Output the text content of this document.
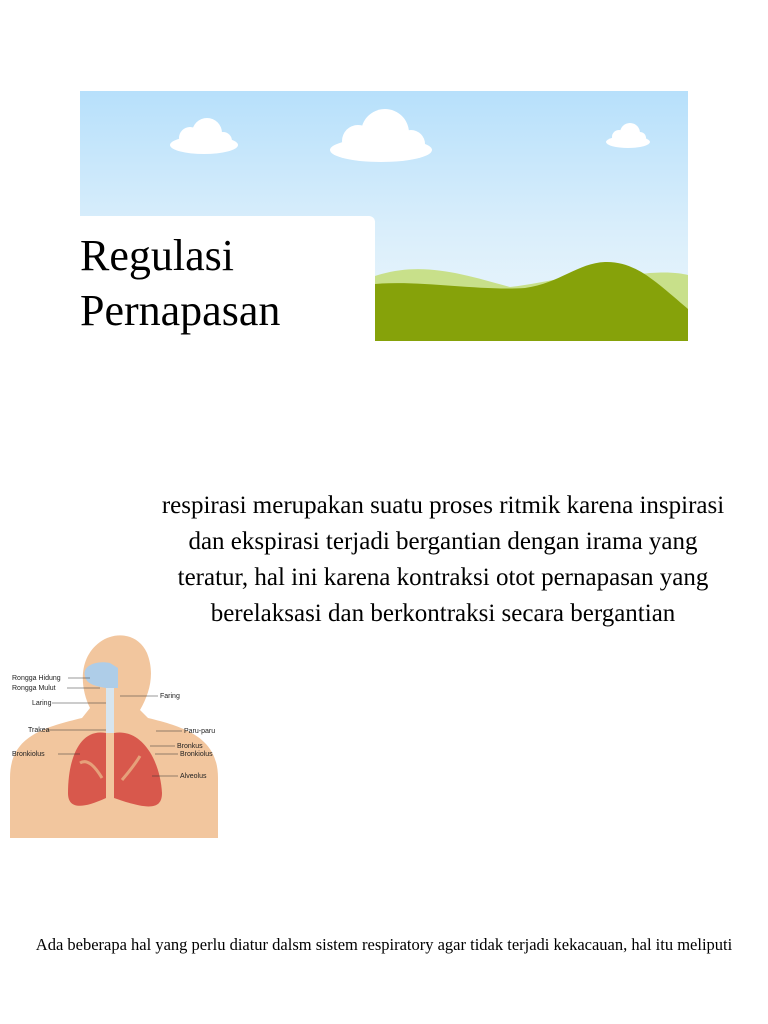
Regulasi
Pernapasan

respirasi merupakan suatu proses ritmik karena inspirasi dan ekspirasi terjadi bergantian dengan irama yang teratur, hal ini karena kontraksi otot pernapasan yang berelaksasi dan berkontraksi secara bergantian

Rongga Hidung
Rongga Mulut
Laring
Trakea
Bronkiolus
Faring
Paru-paru
Bronkus
Bronkiolus
Alveolus

Ada beberapa hal yang perlu diatur dalsm sistem respiratory agar tidak terjadi kekacauan, hal itu meliputi
